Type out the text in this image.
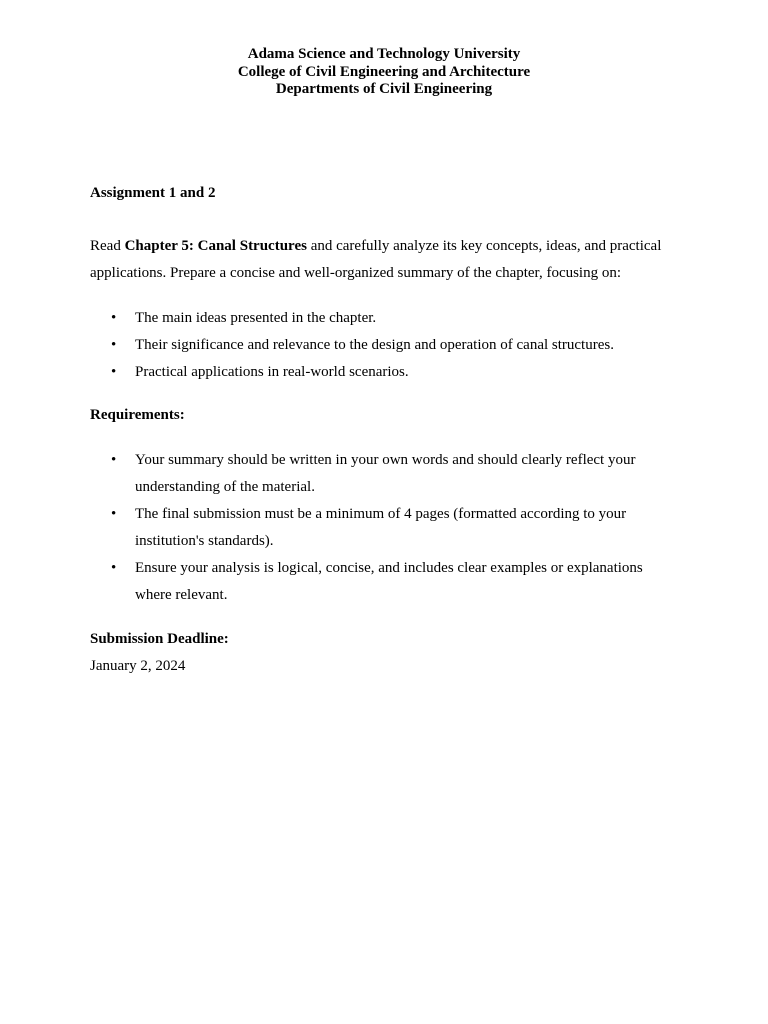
Adama Science and Technology University
College of Civil Engineering and Architecture
Departments of Civil Engineering
Assignment 1 and 2

Read Chapter 5: Canal Structures and carefully analyze its key concepts, ideas, and practical applications. Prepare a concise and well-organized summary of the chapter, focusing on:

• The main ideas presented in the chapter.
• Their significance and relevance to the design and operation of canal structures.
• Practical applications in real-world scenarios.
Requirements:
• Your summary should be written in your own words and should clearly reflect your understanding of the material.
• The final submission must be a minimum of 4 pages (formatted according to your institution's standards).
• Ensure your analysis is logical, concise, and includes clear examples or explanations where relevant.
Submission Deadline:
January 2, 2024
